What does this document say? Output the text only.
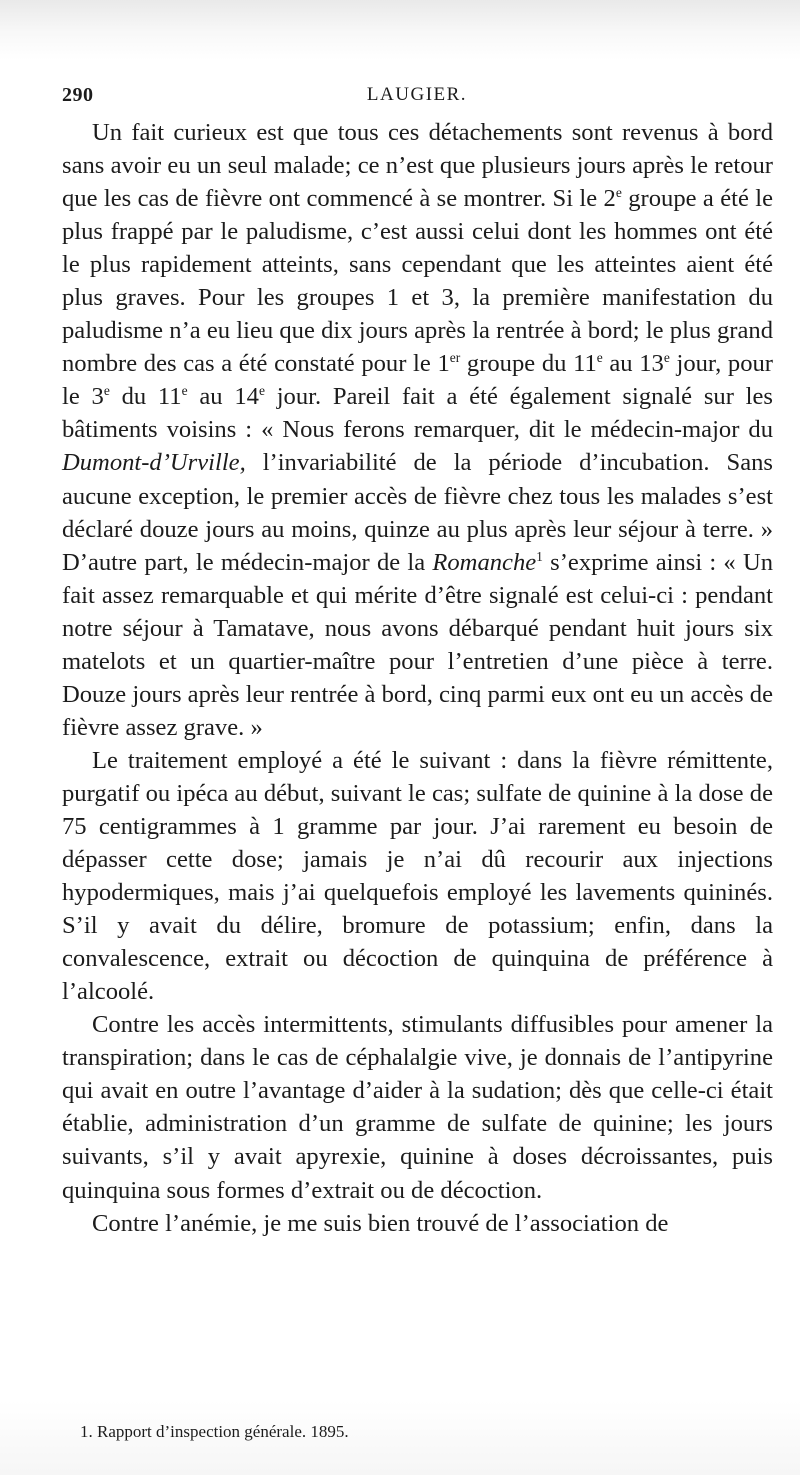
290	LAUGIER.

Un fait curieux est que tous ces détachements sont revenus à bord sans avoir eu un seul malade; ce n’est que plusieurs jours après le retour que les cas de fièvre ont commencé à se montrer. Si le 2e groupe a été le plus frappé par le paludisme, c’est aussi celui dont les hommes ont été le plus rapidement atteints, sans cependant que les atteintes aient été plus graves. Pour les groupes 1 et 3, la première manifestation du paludisme n’a eu lieu que dix jours après la rentrée à bord; le plus grand nombre des cas a été constaté pour le 1er groupe du 11e au 13e jour, pour le 3e du 11e au 14e jour. Pareil fait a été également signalé sur les bâtiments voisins : « Nous ferons remarquer, dit le médecin-major du Dumont-d’Urville, l’invariabilité de la période d’incubation. Sans aucune exception, le premier accès de fièvre chez tous les malades s’est déclaré douze jours au moins, quinze au plus après leur séjour à terre. » D’autre part, le médecin-major de la Romanche$^1$ s’exprime ainsi : « Un fait assez remarquable et qui mérite d’être signalé est celui-ci : pendant notre séjour à Tamatave, nous avons débarqué pendant huit jours six matelots et un quartier-maître pour l’entretien d’une pièce à terre. Douze jours après leur rentrée à bord, cinq parmi eux ont eu un accès de fièvre assez grave. »

Le traitement employé a été le suivant : dans la fièvre rémittente, purgatif ou ipéca au début, suivant le cas; sulfate de quinine à la dose de 75 centigrammes à 1 gramme par jour. J’ai rarement eu besoin de dépasser cette dose; jamais je n’ai dû recourir aux injections hypodermiques, mais j’ai quelquefois employé les lavements quininés. S’il y avait du délire, bromure de potassium; enfin, dans la convalescence, extrait ou décoction de quinquina de préférence à l’alcoolé.

Contre les accès intermittents, stimulants diffusibles pour amener la transpiration; dans le cas de céphalalgie vive, je donnais de l’antipyrine qui avait en outre l’avantage d’aider à la sudation; dès que celle-ci était établie, administration d’un gramme de sulfate de quinine; les jours suivants, s’il y avait apyrexie, quinine à doses décroissantes, puis quinquina sous formes d’extrait ou de décoction.

Contre l’anémie, je me suis bien trouvé de l’association de

1. Rapport d’inspection générale. 1895.
